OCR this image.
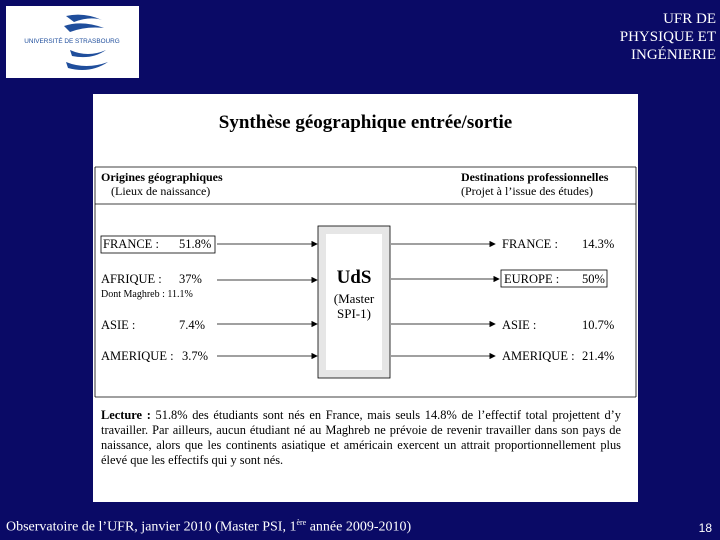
UNIVERSITÉ DE STRASBOURG
UFR DE
PHYSIQUE ET
INGÉNIERIE
Synthèse géographique entrée/sortie
Origines géographiques
(Lieux de naissance)
Destinations professionnelles
(Projet à l’issue des études)
FRANCE : 51.8%
AFRIQUE : 37%
Dont Maghreb : 11.1%
ASIE :	7.4%
AMERIQUE : 3.7%
UdS
(Master
SPI-1)
FRANCE : 14.3%
EUROPE : 50%
ASIE :	10.7%
AMERIQUE : 21.4%
Lecture : 51.8% des étudiants sont nés en France, mais seuls 14.8% de l’effectif total projettent d’y travailler. Par ailleurs, aucun étudiant né au Maghreb ne prévoie de revenir travailler dans son pays de naissance, alors que les continents asiatique et américain exercent un attrait proportionnellement plus élevé que les effectifs qui y sont nés.
Observatoire de l’UFR, janvier 2010 (Master PSI, 1ère année 2009-2010)	18
